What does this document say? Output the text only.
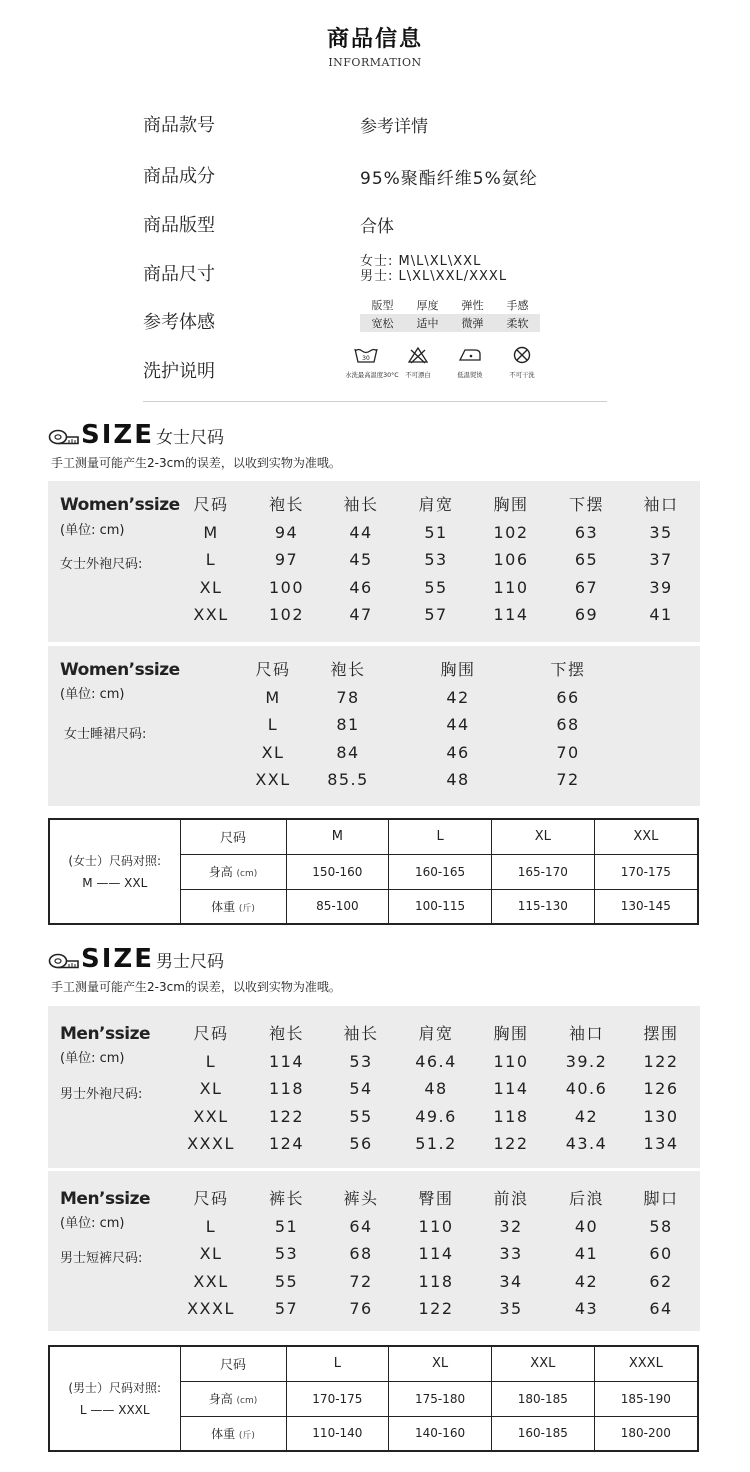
商品信息
INFORMATION
商品款号	参考详情
商品成分	95%聚酯纤维5%氨纶
商品版型	合体
商品尺寸
女士: M\L\XL\XXL
男士: L\XL\XXL/XXXL
参考体感
版型	厚度	弹性	手感
宽松	适中	微弹	柔软
洗护说明
30
水洗最高温度30°C 不可漂白	低温熨烫	不可干洗
SIZE 女士尺码
手工测量可能产生2-3cm的误差，以收到实物为准哦。
Women’ssize
(单位: cm)
女士外袍尺码:
尺码	袍长	袖长	肩宽	胸围	下摆	袖口
M	94	44	51	102	63	35
L	97	45	53	106	65	37
XL	100	46	55	110	67	39
XXL	102	47	57	114	69	41
Women’ssize
(单位: cm)
女士睡裙尺码:
尺码	袍长	胸围	下摆
M	78	42	66
L	81	44	68
XL	84	46	70
XXL	85.5	48	72
(女士）尺码对照:
M —— XXL	尺码	M	L	XL	XXL
	身高 (cm)	150-160	160-165	165-170	170-175
	体重 (斤)	85-100	100-115	115-130	130-145
SIZE 男士尺码
手工测量可能产生2-3cm的误差，以收到实物为准哦。
Men’ssize
(单位: cm)
男士外袍尺码:
尺码	袍长	袖长	肩宽	胸围	袖口	摆围
L	114	53	46.4	110	39.2	122
XL	118	54	48	114	40.6	126
XXL	122	55	49.6	118	42	130
XXXL	124	56	51.2	122	43.4	134
Men’ssize
(单位: cm)
男士短裤尺码:
尺码	裤长	裤头	臀围	前浪	后浪	脚口
L	51	64	110	32	40	58
XL	53	68	114	33	41	60
XXL	55	72	118	34	42	62
XXXL	57	76	122	35	43	64
(男士）尺码对照:
L —— XXXL	尺码	L	XL	XXL	XXXL
	身高 (cm)	170-175	175-180	180-185	185-190
	体重 (斤)	110-140	140-160	160-185	180-200
